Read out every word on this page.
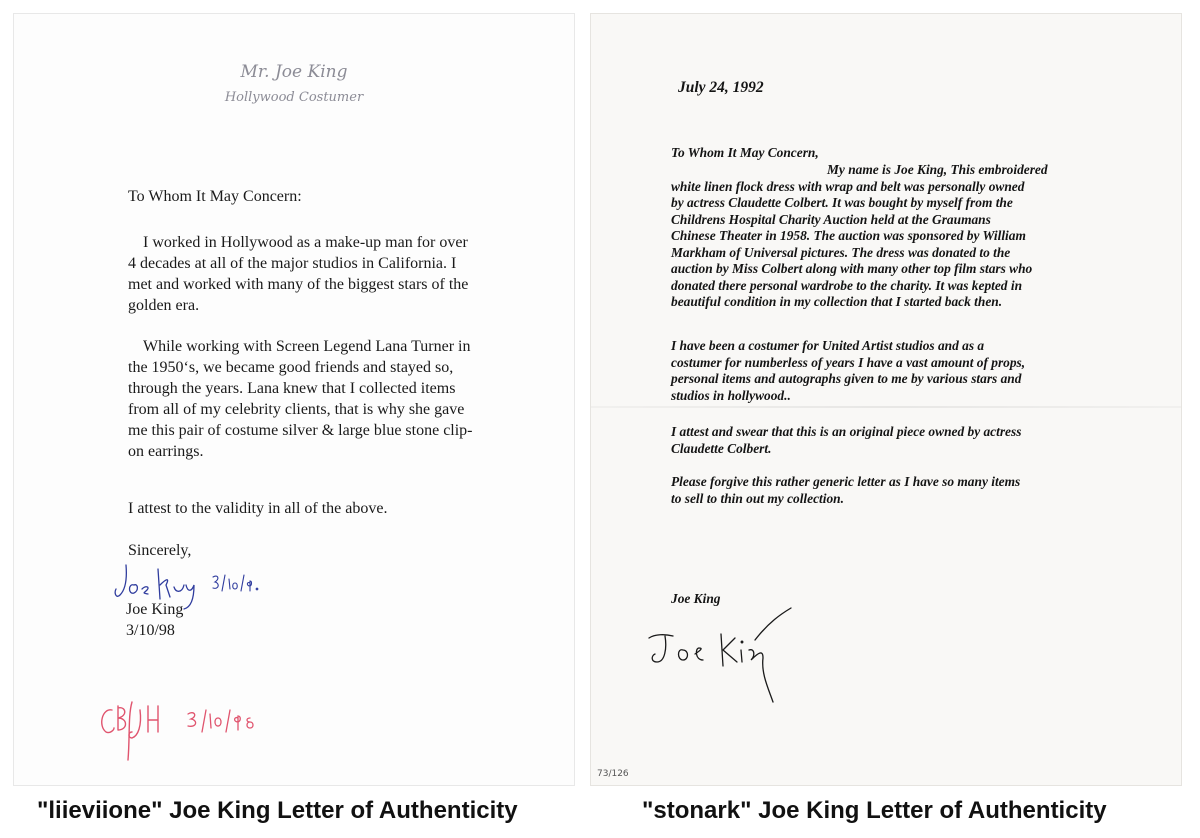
Mr. Joe King
Hollywood Costumer
To Whom It May Concern:
I worked in Hollywood as a make-up man for over 4 decades at all of the major studios in California. I met and worked with many of the biggest stars of the golden era.
While working with Screen Legend Lana Turner in the 1950‘s, we became good friends and stayed so, through the years. Lana knew that I collected items from all of my celebrity clients, that is why she gave me this pair of costume silver & large blue stone clip-on earrings.
I attest to the validity in all of the above.
Sincerely,
Joe King
3/10/98
July 24, 1992
To Whom It May Concern,
My name is Joe King, This embroidered
white linen flock dress with wrap and belt was personally owned
by actress Claudette Colbert. It was bought by myself from the
Childrens Hospital Charity Auction held at the Graumans
Chinese Theater in 1958. The auction was sponsored by William
Markham of Universal pictures. The dress was donated to the
auction by Miss Colbert along with many other top film stars who
donated there personal wardrobe to the charity. It was kepted in
beautiful condition in my collection that I started back then.
I have been a costumer for United Artist studios and as a
costumer for numberless of years I have a vast amount of props,
personal items and autographs given to me by various stars and
studios in hollywood..
I attest and swear that this is an original piece owned by actress
Claudette Colbert.
Please forgive this rather generic letter as I have so many items
to sell to thin out my collection.
Joe King
73/126
"liieviione" Joe King Letter of Authenticity	"stonark" Joe King Letter of Authenticity
